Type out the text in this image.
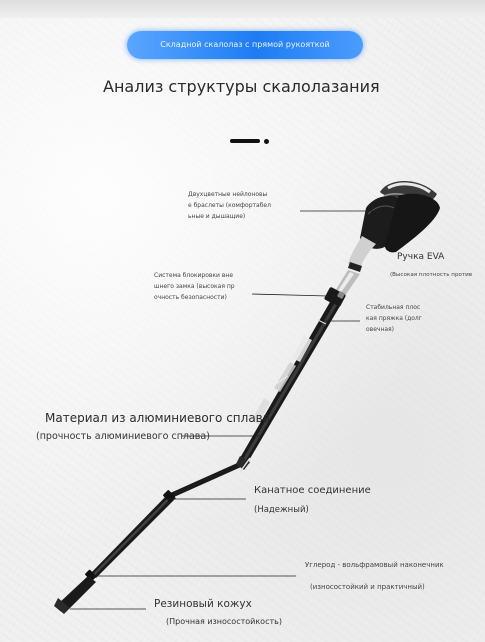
Складной скалолаз с прямой рукояткой
Анализ структуры скалолазания
Двухцветные нейлоновы
е браслеты (комфортабел
ьные и дышащие)
Ручка EVA
(Высокая плотность против
Система блокировки вне
шнего замка (высокая пр
очность безопасности)
Стабильная плос
кая пряжка (долг
овечная)
Материал из алюминиевого сплава
(прочность алюминиевого сплава)
Канатное соединение
(Надежный)
Углерод - вольфрамовый наконечник
(износостойкий и практичный)
Резиновый кожух
(Прочная износостойкость)
